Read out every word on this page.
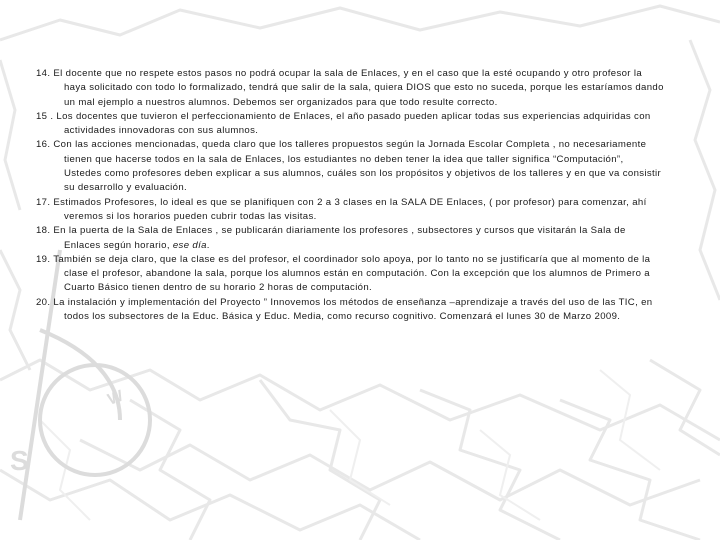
S
W

14. El docente que no respete estos pasos no podrá ocupar la sala de Enlaces, y en el caso que la esté ocupando y otro profesor la haya solicitado con todo lo formalizado, tendrá que salir de la sala, quiera DIOS que esto no suceda, porque les estaríamos dando un mal ejemplo a nuestros alumnos. Debemos ser organizados para que todo resulte correcto.

15 . Los docentes que tuvieron el perfeccionamiento de Enlaces, el año pasado pueden aplicar todas sus experiencias adquiridas con actividades innovadoras con sus alumnos.

16. Con las acciones mencionadas, queda claro que los talleres propuestos según la Jornada Escolar Completa , no necesariamente tienen que hacerse todos en la sala de Enlaces, los estudiantes no deben tener la idea que taller significa “Computación”, Ustedes como profesores deben explicar a sus alumnos, cuáles son los propósitos y objetivos de los talleres y en que va consistir su desarrollo y evaluación.

17. Estimados Profesores, lo ideal es que se planifiquen con 2 a 3 clases en la SALA DE Enlaces, ( por profesor) para comenzar, ahí veremos si los horarios pueden cubrir todas las visitas.

18. En la puerta de la Sala de Enlaces , se publicarán diariamente los profesores , subsectores y cursos que visitarán la Sala de Enlaces según horario, ese día.

19. También se deja claro, que la clase es del profesor, el coordinador solo apoya, por lo tanto no se justificaría que al momento de la clase el profesor, abandone la sala, porque los alumnos están en computación. Con la excepción que los alumnos de Primero a Cuarto Básico tienen dentro de su horario 2 horas de computación.

20. La instalación y implementación del Proyecto ” Innovemos los métodos de enseñanza –aprendizaje a través del uso de las TIC, en todos los subsectores de la Educ. Básica y Educ. Media, como recurso cognitivo. Comenzará el lunes 30 de Marzo 2009.
